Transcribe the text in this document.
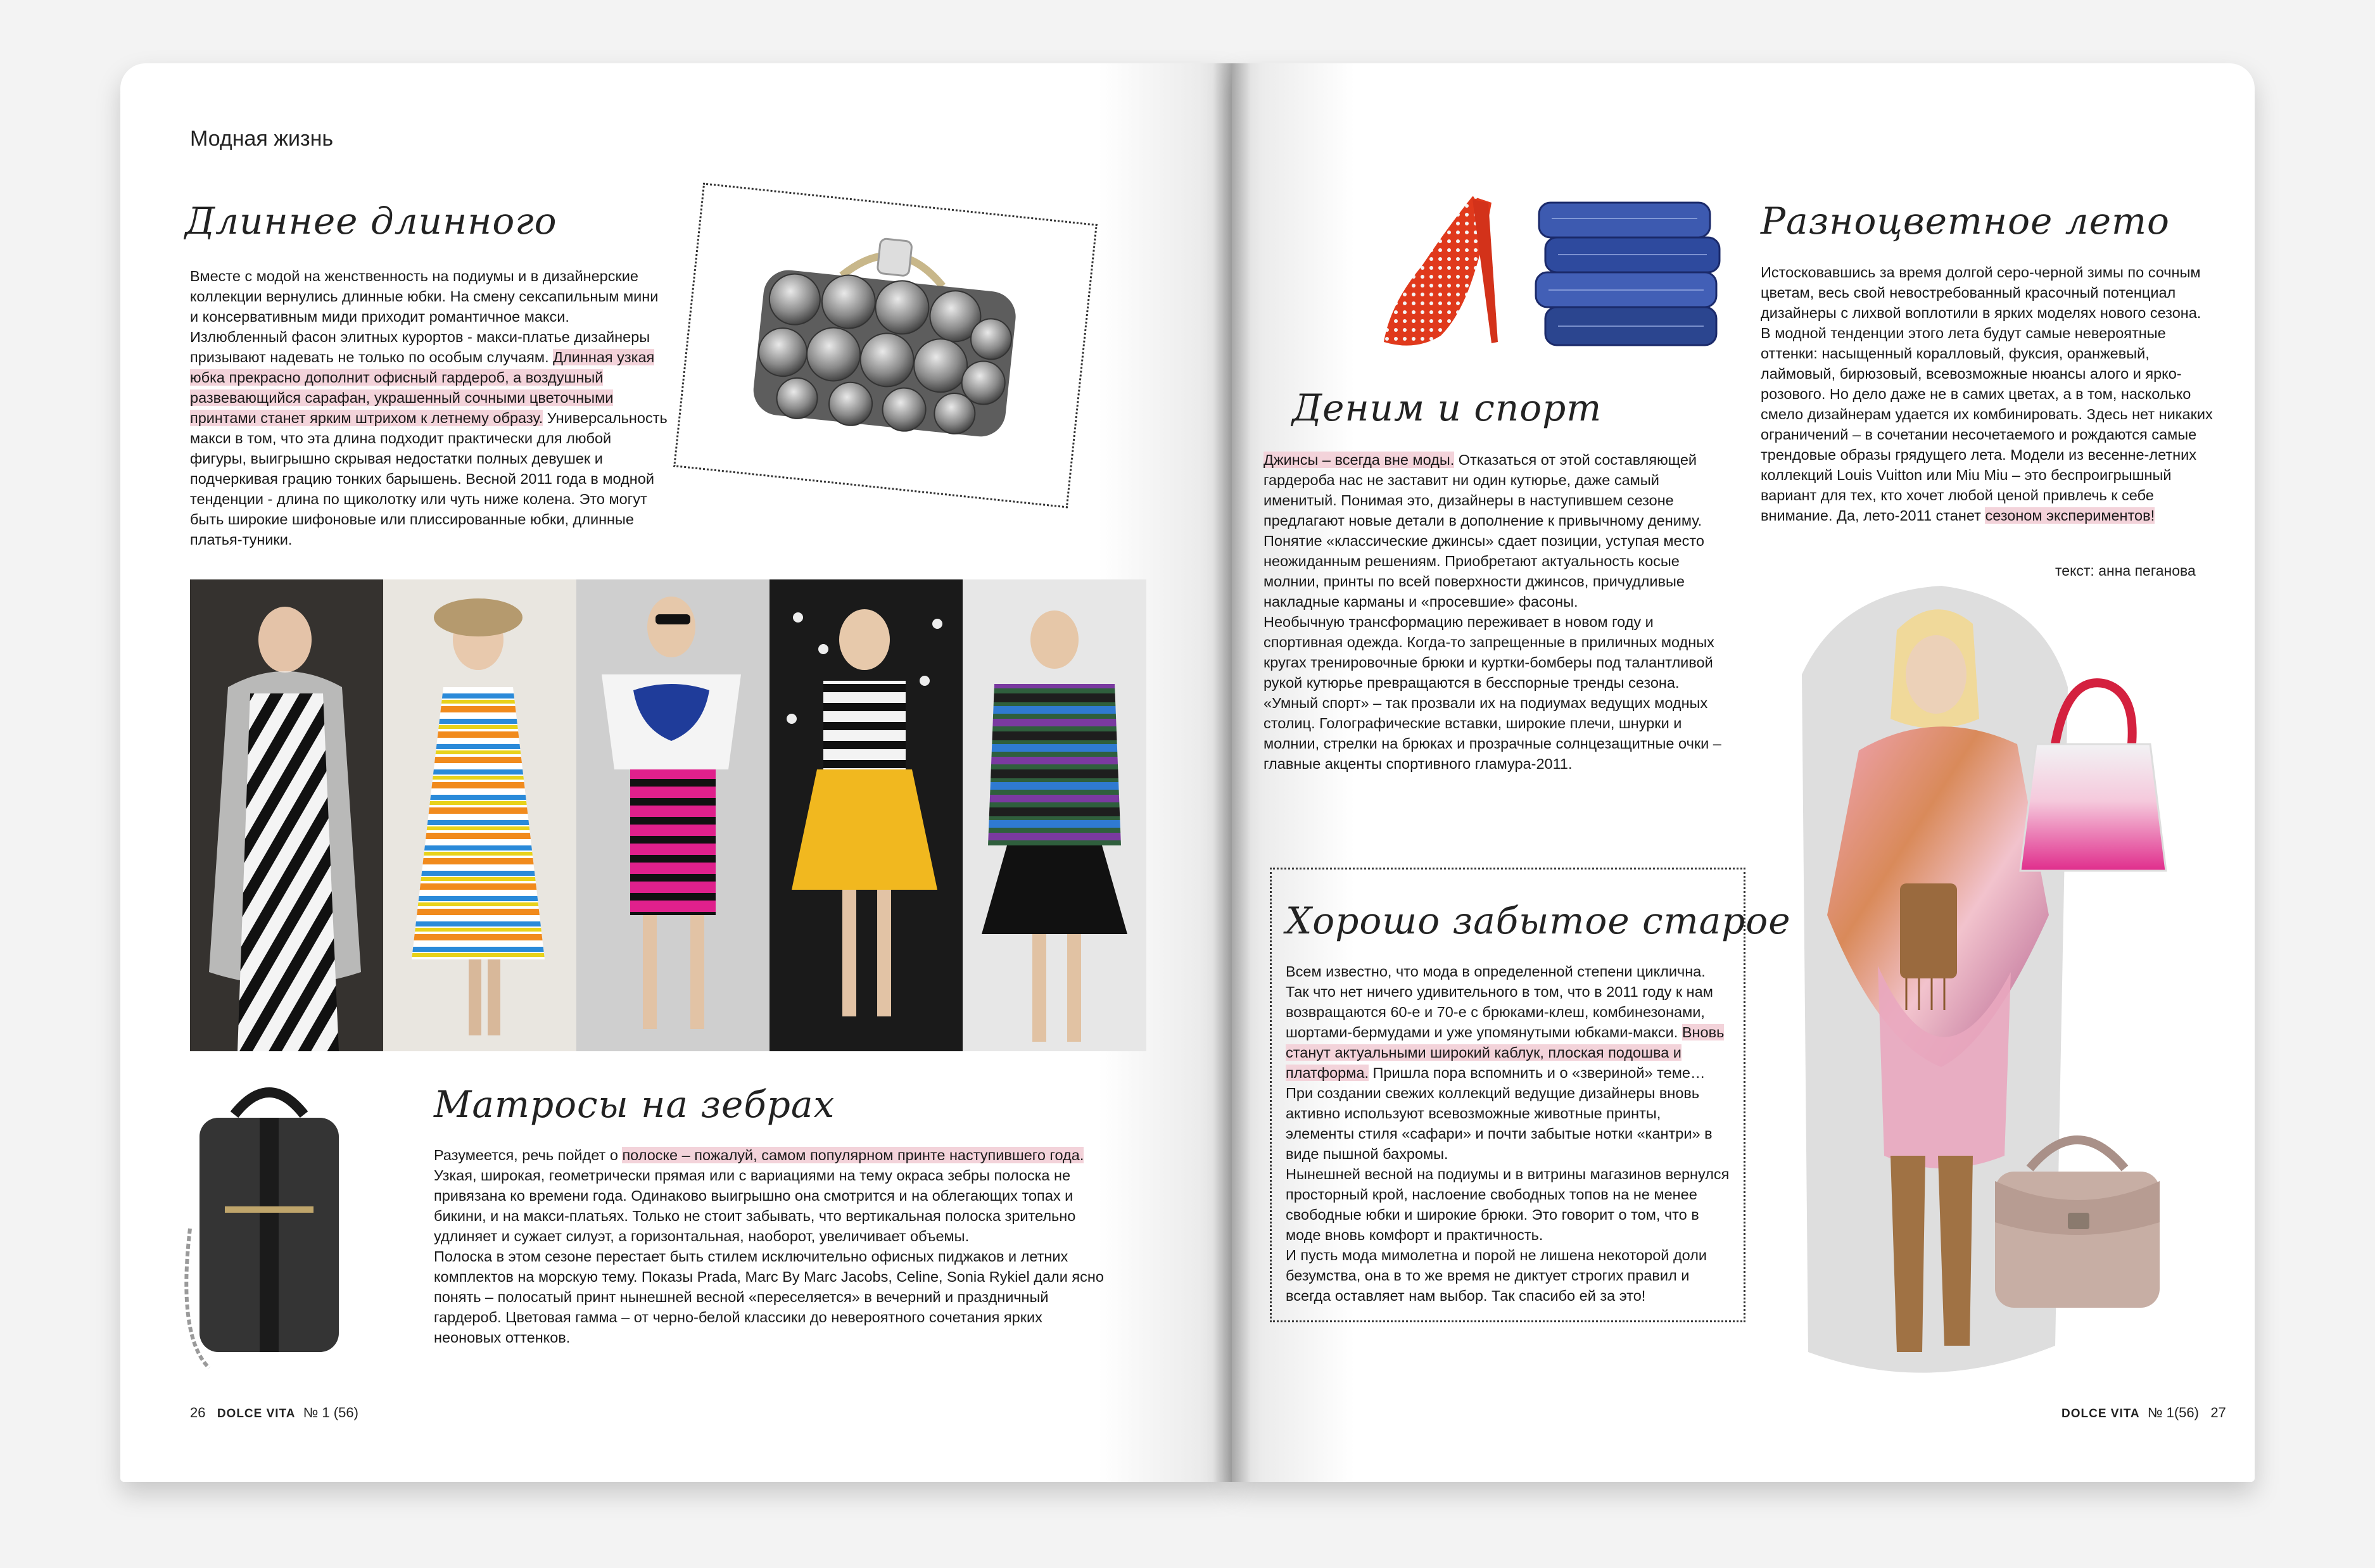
Модная жизнь
Длиннее длинного

Вместе с модой на женственность на подиумы и в дизайнерские коллекции вернулись длинные юбки. На смену сексапильным мини и консервативным миди приходит романтичное макси. Излюбленный фасон элитных курортов - макси-платье дизайнеры призывают надевать не только по особым случаям. Длинная узкая юбка прекрасно дополнит офисный гардероб, а воздушный развевающийся сарафан, украшенный сочными цветочными принтами станет ярким штрихом к летнему образу. Универсальность макси в том, что эта длина подходит практически для любой фигуры, выигрышно скрывая недостатки полных девушек и подчеркивая грацию тонких барышень. Весной 2011 года в модной тенденции - длина по щиколотку или чуть ниже колена. Это могут быть широкие шифоновые или плиссированные юбки, длинные платья-туники.

Матросы на зебрах

Разумеется, речь пойдет о полоске – пожалуй, самом популярном принте наступившего года. Узкая, широкая, геометрически прямая или с вариациями на тему окраса зебры полоска не привязана ко времени года. Одинаково выигрышно она смотрится и на облегающих топах и бикини, и на макси-платьях. Только не стоит забывать, что вертикальная полоска зрительно удлиняет и сужает силуэт, а горизонтальная, наоборот, увеличивает объемы.

Полоска в этом сезоне перестает быть стилем исключительно офисных пиджаков и летних комплектов на морскую тему. Показы Prada, Marc By Marc Jacobs, Celine, Sonia Rykiel дали ясно понять – полосатый принт нынешней весной «переселяется» в вечерний и праздничный гардероб. Цветовая гамма – от черно-белой классики до невероятного сочетания ярких неоновых оттенков.

26 DOLCE VITA № 1 (56)
Деним и спорт

Джинсы – всегда вне моды. Отказаться от этой составляющей гардероба нас не заставит ни один кутюрье, даже самый именитый. Понимая это, дизайнеры в наступившем сезоне предлагают новые детали в дополнение к привычному дениму. Понятие «классические джинсы» сдает позиции, уступая место неожиданным решениям. Приобретают актуальность косые молнии, принты по всей поверхности джинсов, причудливые накладные карманы и «просевшие» фасоны.

Необычную трансформацию переживает в новом году и спортивная одежда. Когда-то запрещенные в приличных модных кругах тренировочные брюки и куртки-бомберы под талантливой рукой кутюрье превращаются в бесспорные тренды сезона. «Умный спорт» – так прозвали их на подиумах ведущих модных столиц. Голографические вставки, широкие плечи, шнурки и молнии, стрелки на брюках и прозрачные солнцезащитные очки – главные акценты спортивного гламура-2011.

Разноцветное лето

Истосковавшись за время долгой серо-черной зимы по сочным цветам, весь свой невостребованный красочный потенциал дизайнеры с лихвой воплотили в ярких моделях нового сезона.

В модной тенденции этого лета будут самые невероятные оттенки: насыщенный коралловый, фуксия, оранжевый, лаймовый, бирюзовый, всевозможные нюансы алого и ярко-розового. Но дело даже не в самих цветах, а в том, насколько смело дизайнерам удается их комбинировать. Здесь нет никаких ограничений – в сочетании несочетаемого и рождаются самые трендовые образы грядущего лета. Модели из весенне-летних коллекций Louis Vuitton или Miu Miu – это беспроигрышный вариант для тех, кто хочет любой ценой привлечь к себе внимание. Да, лето-2011 станет сезоном экспериментов!

текст: анна пеганова
Хорошо забытое старое

Всем известно, что мода в определенной степени циклична. Так что нет ничего удивительного в том, что в 2011 году к нам возвращаются 60-е и 70-е с брюками-клеш, комбинезонами, шортами-бермудами и уже упомянутыми юбками-макси. Вновь станут актуальными широкий каблук, плоская подошва и платформа. Пришла пора вспомнить и о «звериной» теме… При создании свежих коллекций ведущие дизайнеры вновь активно используют всевозможные животные принты, элементы стиля «сафари» и почти забытые нотки «кантри» в виде пышной бахромы.

Нынешней весной на подиумы и в витрины магазинов вернулся просторный крой, наслоение свободных топов на не менее свободные юбки и широкие брюки. Это говорит о том, что в моде вновь комфорт и практичность.

И пусть мода мимолетна и порой не лишена некоторой доли безумства, она в то же время не диктует строгих правил и всегда оставляет нам выбор. Так спасибо ей за это!

DOLCE VITA № 1(56) 27
